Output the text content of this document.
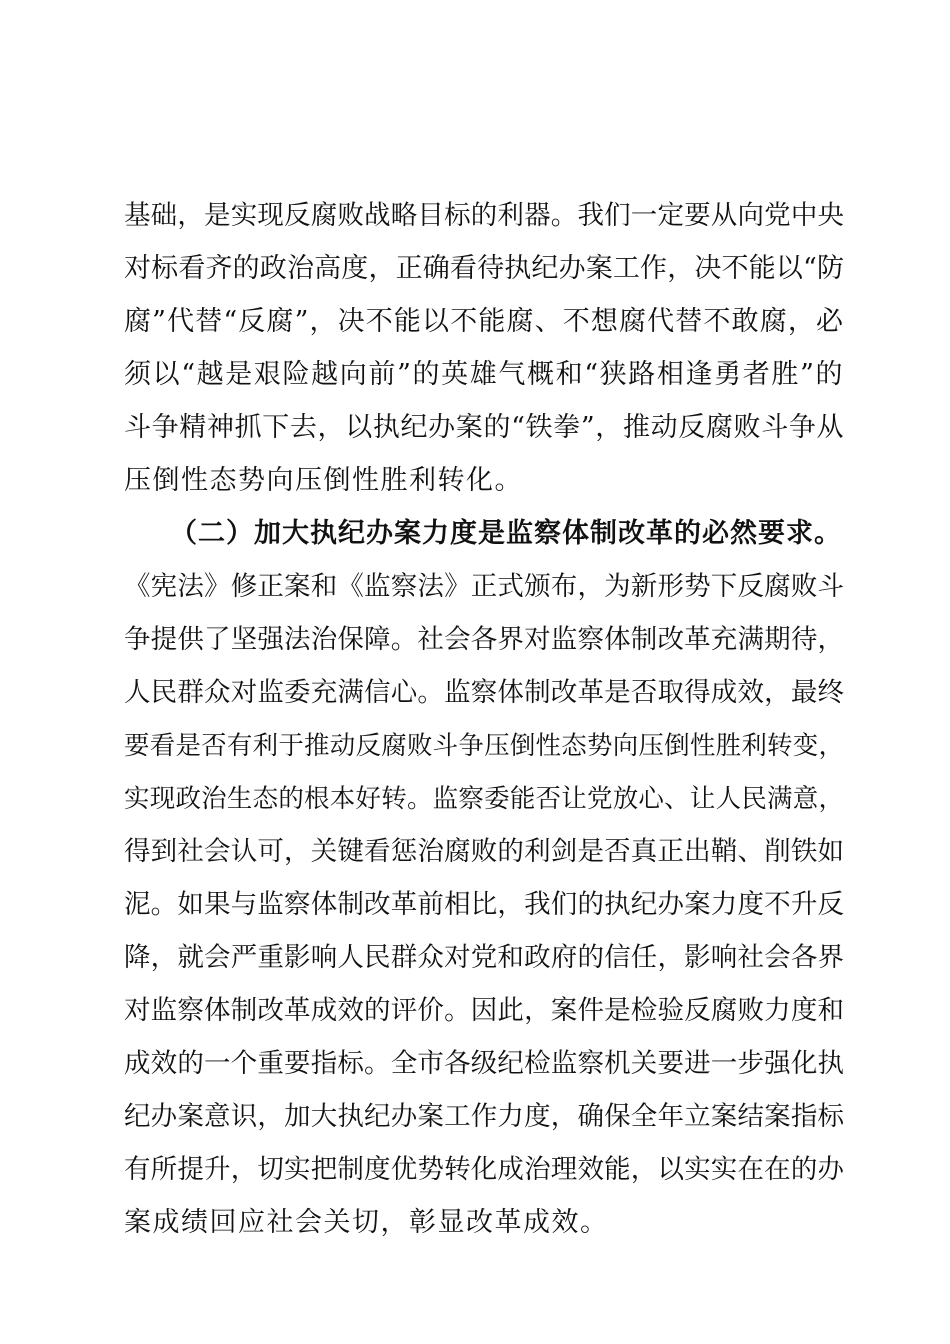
基础，是实现反腐败战略目标的利器。我们一定要从向党中央
对标看齐的政治高度，正确看待执纪办案工作，决不能以“防
腐”代替“反腐”，决不能以不能腐、不想腐代替不敢腐，必
须以“越是艰险越向前”的英雄气概和“狭路相逢勇者胜”的
斗争精神抓下去，以执纪办案的“铁拳”，推动反腐败斗争从
压倒性态势向压倒性胜利转化。
（二）加大执纪办案力度是监察体制改革的必然要求。
《宪法》修正案和《监察法》正式颁布，为新形势下反腐败斗
争提供了坚强法治保障。社会各界对监察体制改革充满期待，
人民群众对监委充满信心。监察体制改革是否取得成效，最终
要看是否有利于推动反腐败斗争压倒性态势向压倒性胜利转变，
实现政治生态的根本好转。监察委能否让党放心、让人民满意，
得到社会认可，关键看惩治腐败的利剑是否真正出鞘、削铁如
泥。如果与监察体制改革前相比，我们的执纪办案力度不升反
降，就会严重影响人民群众对党和政府的信任，影响社会各界
对监察体制改革成效的评价。因此，案件是检验反腐败力度和
成效的一个重要指标。全市各级纪检监察机关要进一步强化执
纪办案意识，加大执纪办案工作力度，确保全年立案结案指标
有所提升，切实把制度优势转化成治理效能，以实实在在的办
案成绩回应社会关切，彰显改革成效。
